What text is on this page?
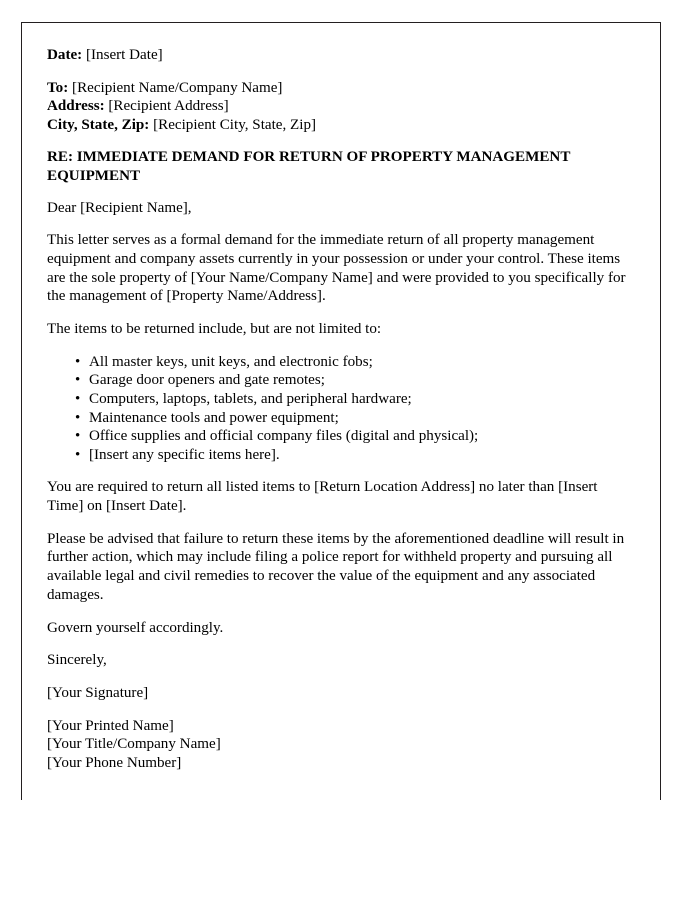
Date: [Insert Date]

To: [Recipient Name/Company Name]

Address: [Recipient Address]

City, State, Zip: [Recipient City, State, Zip]

RE: IMMEDIATE DEMAND FOR RETURN OF PROPERTY MANAGEMENT EQUIPMENT

Dear [Recipient Name],

This letter serves as a formal demand for the immediate return of all property management equipment and company assets currently in your possession or under your control. These items are the sole property of [Your Name/Company Name] and were provided to you specifically for the management of [Property Name/Address].

The items to be returned include, but are not limited to:

• All master keys, unit keys, and electronic fobs;
• Garage door openers and gate remotes;
• Computers, laptops, tablets, and peripheral hardware;
• Maintenance tools and power equipment;
• Office supplies and official company files (digital and physical);
• [Insert any specific items here].

You are required to return all listed items to [Return Location Address] no later than [Insert Time] on [Insert Date].

Please be advised that failure to return these items by the aforementioned deadline will result in further action, which may include filing a police report for withheld property and pursuing all available legal and civil remedies to recover the value of the equipment and any associated damages.

Govern yourself accordingly.

Sincerely,

[Your Signature]

[Your Printed Name]

[Your Title/Company Name]

[Your Phone Number]
